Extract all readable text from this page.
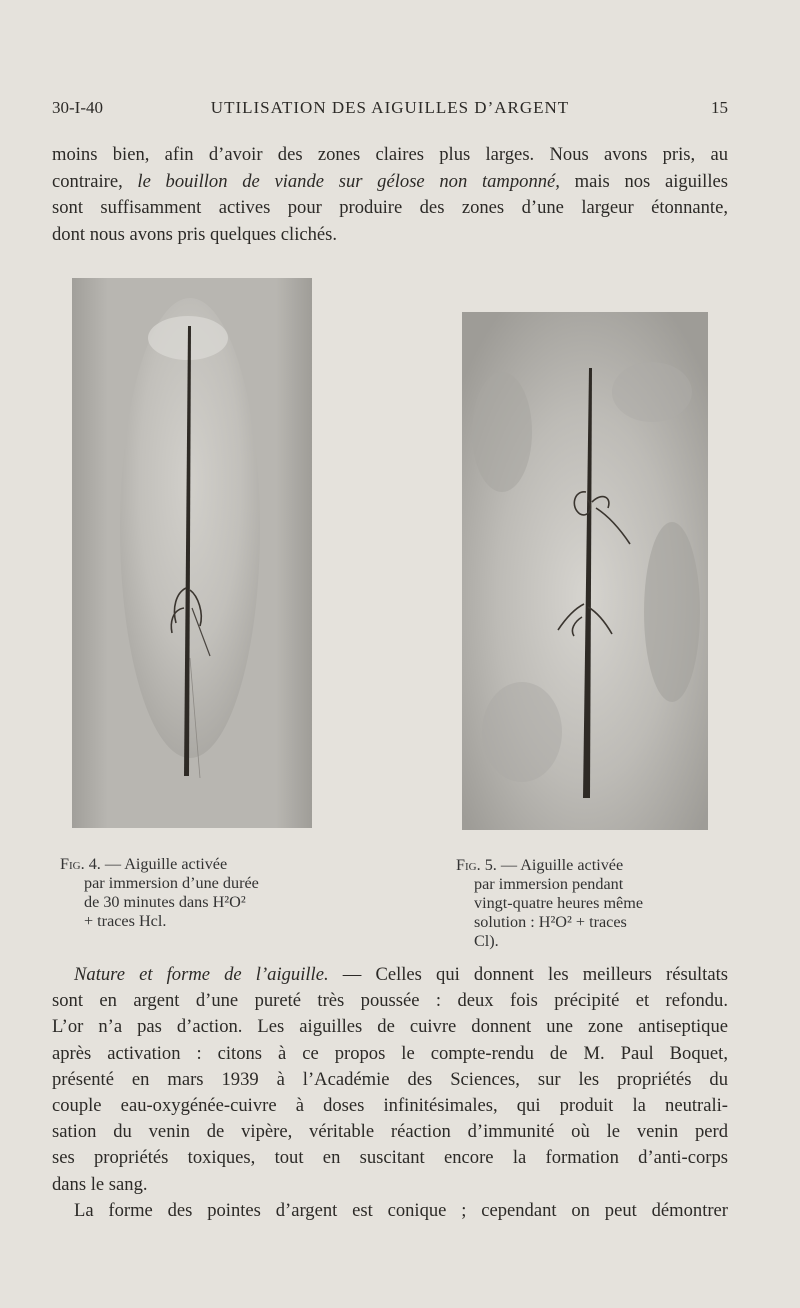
30-I-40	UTILISATION DES AIGUILLES D’ARGENT	15
moins bien, afin d’avoir des zones claires plus larges. Nous avons pris, au
contraire, le bouillon de viande sur gélose non tamponné, mais nos aiguilles
sont suffisamment actives pour produire des zones d’une largeur étonnante,
dont nous avons pris quelques clichés.
Fig. 4. — Aiguille activée
par immersion d’une durée
de 30 minutes dans H²O²
+ traces Hcl.
Fig. 5. — Aiguille activée
par immersion pendant
vingt-quatre heures même
solution : H²O² + traces
Cl).
Nature et forme de l’aiguille. — Celles qui donnent les meilleurs résultats
sont en argent d’une pureté très poussée : deux fois précipité et refondu.
L’or n’a pas d’action. Les aiguilles de cuivre donnent une zone antiseptique
après activation : citons à ce propos le compte-rendu de M. Paul Boquet,
présenté en mars 1939 à l’Académie des Sciences, sur les propriétés du
couple eau-oxygénée-cuivre à doses infinitésimales, qui produit la neutrali-
sation du venin de vipère, véritable réaction d’immunité où le venin perd
ses propriétés toxiques, tout en suscitant encore la formation d’anti-corps
dans le sang.
La forme des pointes d’argent est conique ; cependant on peut démontrer
